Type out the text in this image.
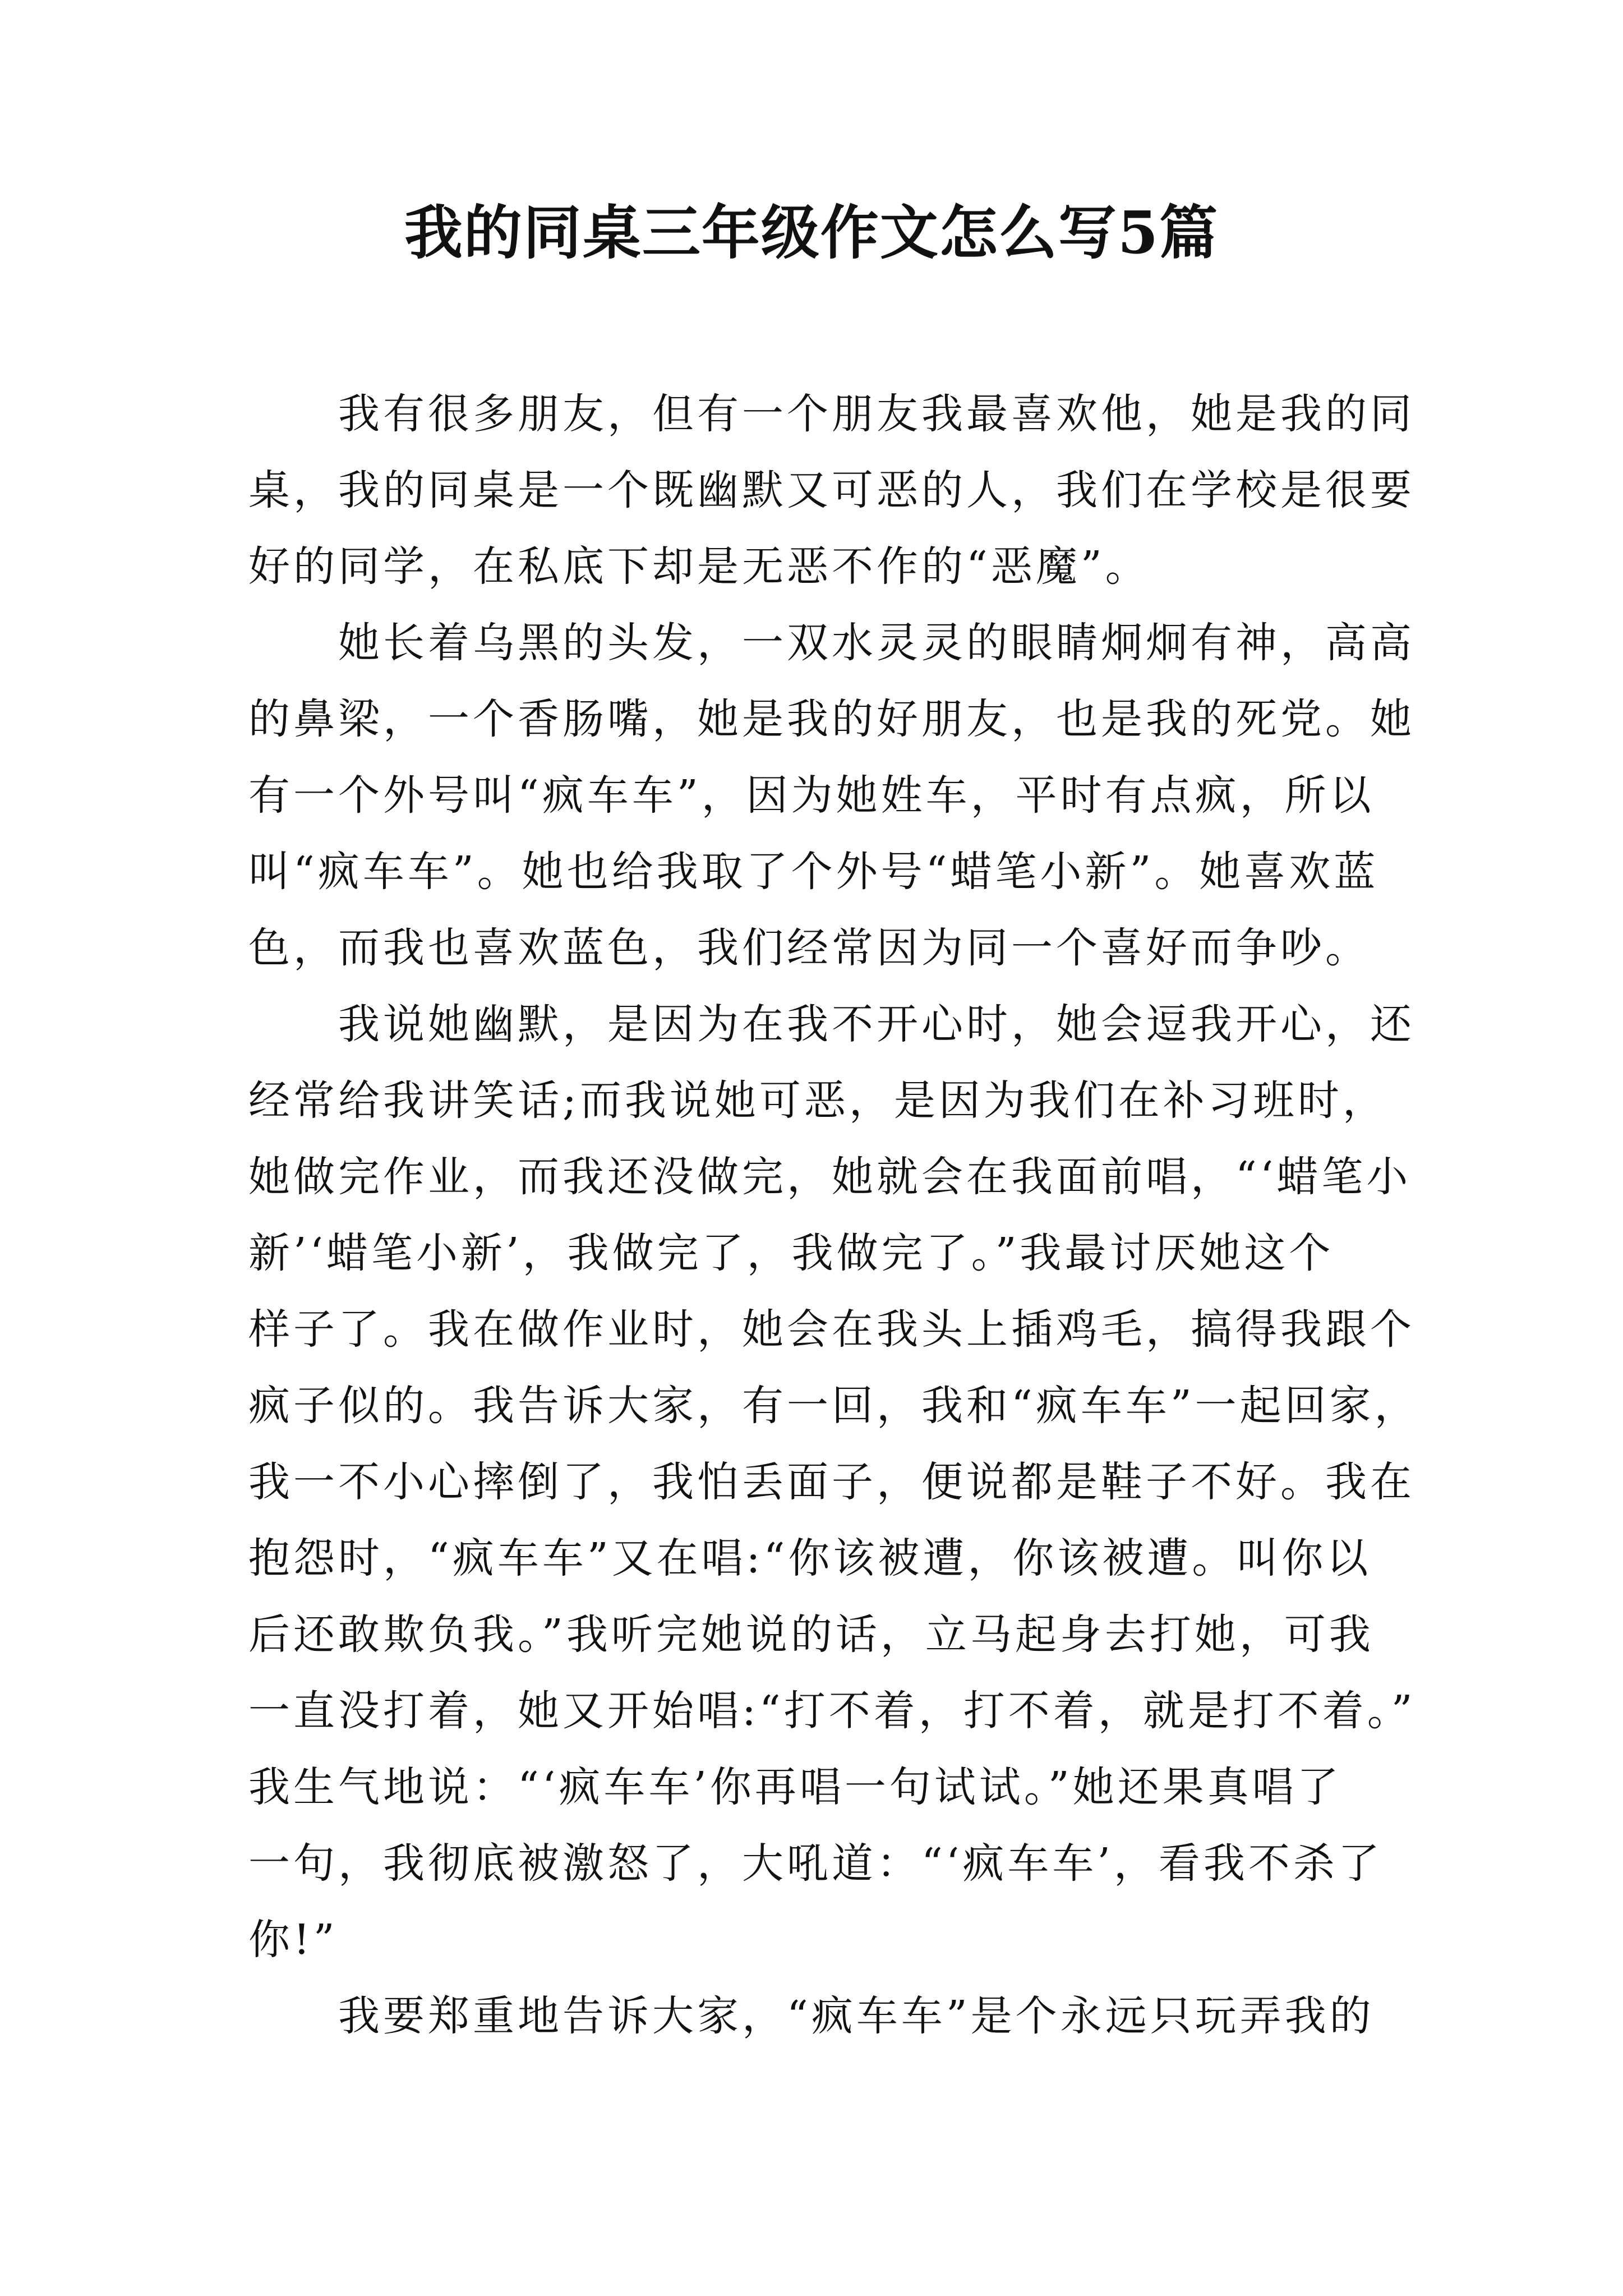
我的同桌三年级作文怎么写5篇
我有很多朋友，但有一个朋友我最喜欢他，她是我的同
桌，我的同桌是一个既幽默又可恶的人，我们在学校是很要
好的同学，在私底下却是无恶不作的“恶魔”。
她长着乌黑的头发，一双水灵灵的眼睛炯炯有神，高高
的鼻梁，一个香肠嘴，她是我的好朋友，也是我的死党。她
有一个外号叫“疯车车”，因为她姓车，平时有点疯，所以
叫“疯车车”。她也给我取了个外号“蜡笔小新”。她喜欢蓝
色，而我也喜欢蓝色，我们经常因为同一个喜好而争吵。
我说她幽默，是因为在我不开心时，她会逗我开心，还
经常给我讲笑话;而我说她可恶，是因为我们在补习班时，
她做完作业，而我还没做完，她就会在我面前唱，“‘蜡笔小
新’‘蜡笔小新’，我做完了，我做完了。”我最讨厌她这个
样子了。我在做作业时，她会在我头上插鸡毛，搞得我跟个
疯子似的。我告诉大家，有一回，我和“疯车车”一起回家，
我一不小心摔倒了，我怕丢面子，便说都是鞋子不好。我在
抱怨时，“疯车车”又在唱:“你该被遭，你该被遭。叫你以
后还敢欺负我。”我听完她说的话，立马起身去打她，可我
一直没打着，她又开始唱:“打不着，打不着，就是打不着。”
我生气地说：“‘疯车车’你再唱一句试试。”她还果真唱了
一句，我彻底被激怒了，大吼道：“‘疯车车’，看我不杀了
你!”
我要郑重地告诉大家，“疯车车”是个永远只玩弄我的
